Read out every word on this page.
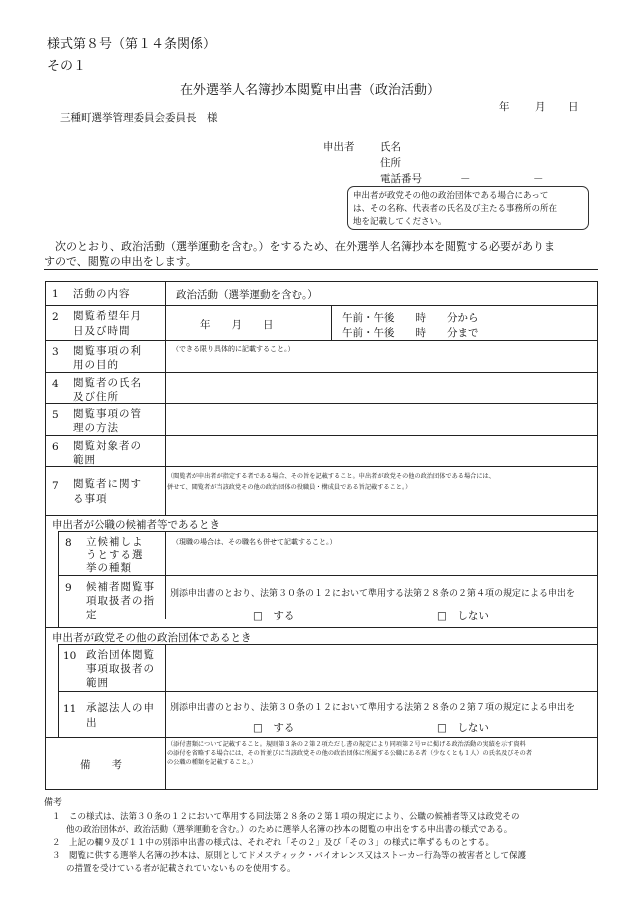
様式第８号（第１４条関係）
その１
在外選挙人名簿抄本閲覧申出書（政治活動）
年 月 日
三種町選挙管理委員会委員長　様
申出者 氏名
住所
電話番号	－	－
申出者が政党その他の政治団体である場合にあって
は、その名称、代表者の氏名及び主たる事務所の所在
地を記載してください。
　次のとおり、政治活動（選挙運動を含む。）をするため、在外選挙人名簿抄本を閲覧する必要がありま
すので、閲覧の申出をします。
1 活動の内容	政治活動（選挙運動を含む。）
2 閲覧希望年月
日及び時間	年　　月　　日
午前・午後　　時　　分から
午前・午後　　時　　分まで
3 閲覧事項の利
用の目的
（できる限り具体的に記載すること。）
4 閲覧者の氏名
及び住所
5 閲覧事項の管
理の方法
6 閲覧対象者の
範囲
7 閲覧者に関す
る事項
（閲覧者が申出者が指定する者である場合、その旨を記載すること。申出者が政党その他の政治団体である場合には、
併せて、閲覧者が当該政党その他の政治団体の役職員・構成員である旨記載すること。）
申出者が公職の候補者等であるとき
8 立候補しよ
うとする選
挙の種類
（現職の場合は、その職名も併せて記載すること。）
9 候補者閲覧事
項取扱者の指
定
別添申出書のとおり、法第３０条の１２において準用する法第２８条の２第４項の規定による申出を
□　する	□　しない
申出者が政党その他の政治団体であるとき
10 政治団体閲覧
事項取扱者の
範囲
11 承認法人の申
出
別添申出書のとおり、法第３０条の１２において準用する法第２８条の２第７項の規定による申出を
□　する	□　しない
備　　考
（添付書類について記載すること。規則第３条の２第２項ただし書の規定により同項第２号ロに掲げる政治活動の実績を示す資料
の添付を省略する場合には、その旨並びに当該政党その他の政治団体に所属する公職にある者（少なくとも１人）の氏名及びその者
の公職の種類を記載すること。）
備考
１　この様式は、法第３０条の１２において準用する同法第２８条の２第１項の規定により、公職の候補者等又は政党その
他の政治団体が、政治活動（選挙運動を含む。）のために選挙人名簿の抄本の閲覧の申出をする申出書の様式である。
２　上記の欄９及び１１中の別添申出書の様式は、それぞれ「その２」及び「その３」の様式に準ずるものとする。
３　閲覧に供する選挙人名簿の抄本は、原則としてドメスティック・バイオレンス又はストーカー行為等の被害者として保護
の措置を受けている者が記載されていないものを使用する。
